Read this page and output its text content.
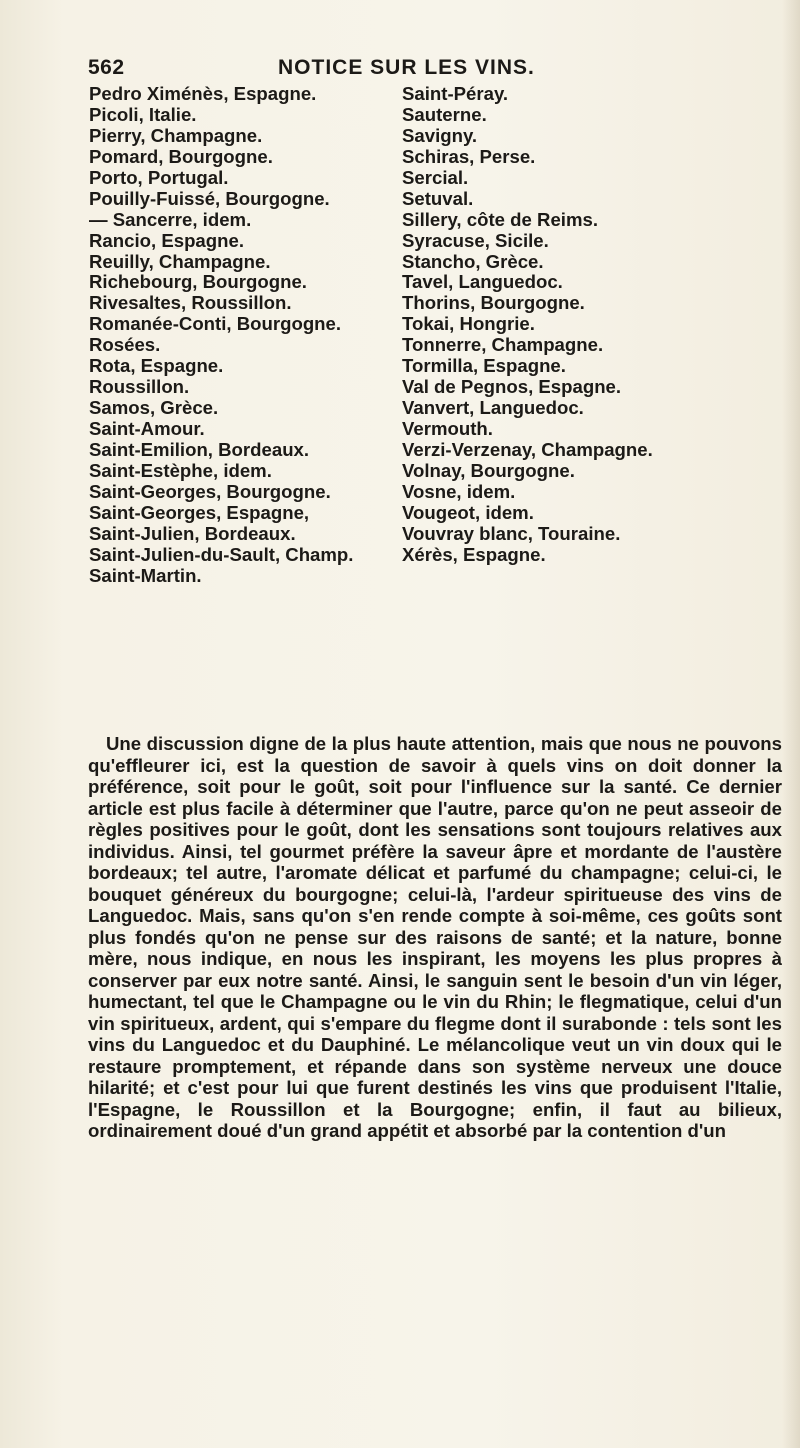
562	NOTICE SUR LES VINS.
Pedro Ximénès, Espagne.
Picoli, Italie.
Pierry, Champagne.
Pomard, Bourgogne.
Porto, Portugal.
Pouilly-Fuissé, Bourgogne.
— Sancerre, idem.
Rancio, Espagne.
Reuilly, Champagne.
Richebourg, Bourgogne.
Rivesaltes, Roussillon.
Romanée-Conti, Bourgogne.
Rosées.
Rota, Espagne.
Roussillon.
Samos, Grèce.
Saint-Amour.
Saint-Emilion, Bordeaux.
Saint-Estèphe, idem.
Saint-Georges, Bourgogne.
Saint-Georges, Espagne,
Saint-Julien, Bordeaux.
Saint-Julien-du-Sault, Champ.
Saint-Martin.
Saint-Péray.
Sauterne.
Savigny.
Schiras, Perse.
Sercial.
Setuval.
Sillery, côte de Reims.
Syracuse, Sicile.
Stancho, Grèce.
Tavel, Languedoc.
Thorins, Bourgogne.
Tokai, Hongrie.
Tonnerre, Champagne.
Tormilla, Espagne.
Val de Pegnos, Espagne.
Vanvert, Languedoc.
Vermouth.
Verzi-Verzenay, Champagne.
Volnay, Bourgogne.
Vosne, idem.
Vougeot, idem.
Vouvray blanc, Touraine.
Xérès, Espagne.
Une discussion digne de la plus haute attention, mais que nous ne pouvons qu'effleurer ici, est la question de savoir à quels vins on doit donner la préférence, soit pour le goût, soit pour l'influence sur la santé. Ce dernier article est plus facile à déterminer que l'autre, parce qu'on ne peut asseoir de règles positives pour le goût, dont les sensations sont toujours relatives aux individus. Ainsi, tel gourmet préfère la saveur âpre et mordante de l'austère bordeaux; tel autre, l'aromate délicat et parfumé du champagne; celui-ci, le bouquet généreux du bourgogne; celui-là, l'ardeur spiritueuse des vins de Languedoc. Mais, sans qu'on s'en rende compte à soi-même, ces goûts sont plus fondés qu'on ne pense sur des raisons de santé; et la nature, bonne mère, nous indique, en nous les inspirant, les moyens les plus propres à conserver par eux notre santé. Ainsi, le sanguin sent le besoin d'un vin léger, humectant, tel que le Champagne ou le vin du Rhin; le flegmatique, celui d'un vin spiritueux, ardent, qui s'empare du flegme dont il surabonde : tels sont les vins du Languedoc et du Dauphiné. Le mélancolique veut un vin doux qui le restaure promptement, et répande dans son système nerveux une douce hilarité; et c'est pour lui que furent destinés les vins que produisent l'Italie, l'Espagne, le Roussillon et la Bourgogne; enfin, il faut au bilieux, ordinairement doué d'un grand appétit et absorbé par la contention d'un
